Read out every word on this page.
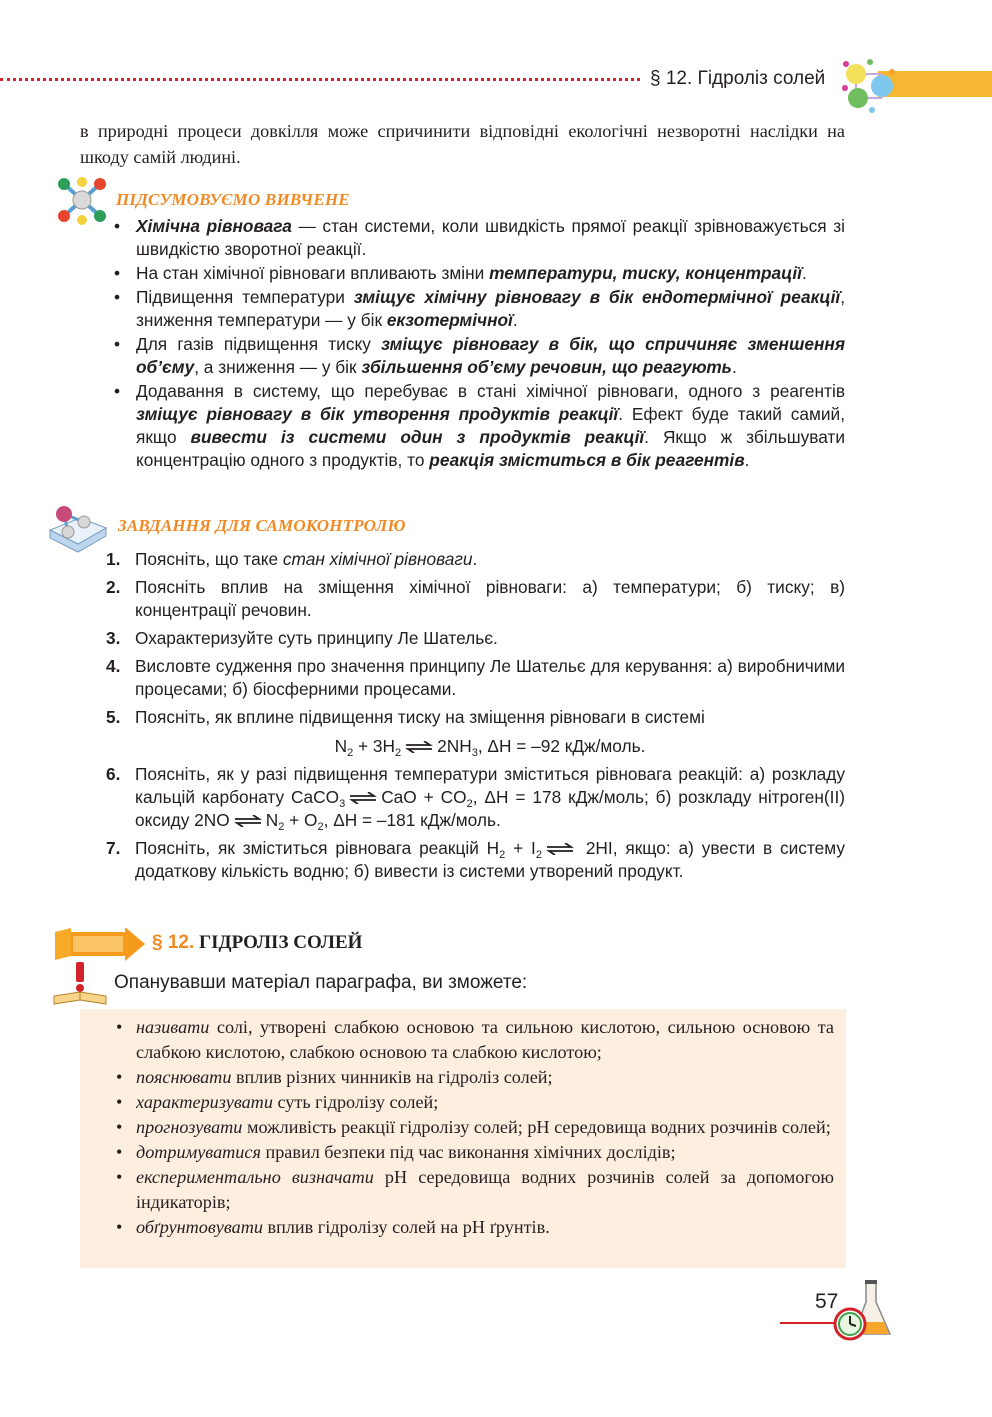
§ 12. Гідроліз солей
в природні процеси довкілля може спричинити відповідні екологічні незворотні наслідки на шкоду самій людині.
ПІДСУМОВУЄМО ВИВЧЕНЕ
• Хімічна рівновага — стан системи, коли швидкість прямої реакції зрівноважується зі швидкістю зворотної реакції.
• На стан хімічної рівноваги впливають зміни температури, тиску, концентрації.
• Підвищення температури зміщує хімічну рівновагу в бік ендотермічної реакції, зниження температури — у бік екзотермічної.
• Для газів підвищення тиску зміщує рівновагу в бік, що спричиняє зменшення об’єму, а зниження — у бік збільшення об’єму речовин, що реагують.
• Додавання в систему, що перебуває в стані хімічної рівноваги, одного з реагентів зміщує рівновагу в бік утворення продуктів реакції. Ефект буде такий самий, якщо вивести із системи один з продуктів реакції. Якщо ж збільшувати концентрацію одного з продуктів, то реакція зміститься в бік реагентів.
ЗАВДАННЯ ДЛЯ САМОКОНТРОЛЮ
1. Поясніть, що таке стан хімічної рівноваги.
2. Поясніть вплив на зміщення хімічної рівноваги: а) температури; б) тиску; в) концентрації речовин.
3. Охарактеризуйте суть принципу Ле Шательє.
4. Висловте судження про значення принципу Ле Шательє для керування: а) виробничими процесами; б) біосферними процесами.
5. Поясніть, як вплине підвищення тиску на зміщення рівноваги в системі
$N_2 + 3H_2$ ⇌ $2NH_3$, ΔH = –92 кДж/моль.
6. Поясніть, як у разі підвищення температури зміститься рівновага реакцій: а) розкладу кальцій карбонату CaCO$_3$ ⇌ CaO + $CO_2$, ΔH = 178 кДж/моль; б) розкладу нітроген(II) оксиду 2NO ⇌ $N_2 + O_2$, ΔH = –181 кДж/моль.
7. Поясніть, як зміститься рівновага реакцій $H_2 + I_2$ ⇌ 2HI, якщо: а) увести в систему додаткову кількість водню; б) вивести із системи утворений продукт.
§ 12. ГІДРОЛІЗ СОЛЕЙ
Опанувавши матеріал параграфа, ви зможете:
• називати солі, утворені слабкою основою та сильною кислотою, сильною основою та слабкою кислотою, слабкою основою та слабкою кислотою;
• пояснювати вплив різних чинників на гідроліз солей;
• характеризувати суть гідролізу солей;
• прогнозувати можливість реакції гідролізу солей; pH середовища водних розчинів солей;
• дотримуватися правил безпеки під час виконання хімічних дослідів;
• експериментально визначати pH середовища водних розчинів солей за допомогою індикаторів;
• обґрунтовувати вплив гідролізу солей на pH ґрунтів.
57
